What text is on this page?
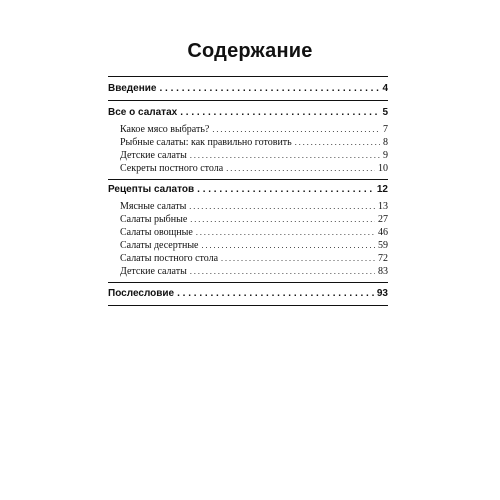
Содержание
Введение . . .	4
Все о салатах . . .	5
Какое мясо выбрать? . . .	7
Рыбные салаты: как правильно готовить . . .	8
Детские салаты . . .	9
Секреты постного стола . . .	10
Рецепты салатов . . .	12
Мясные салаты . . .	13
Салаты рыбные . . .	27
Салаты овощные . . .	46
Салаты десертные . . .	59
Салаты постного стола . . .	72
Детские салаты . . .	83
Послесловие . . .	93
